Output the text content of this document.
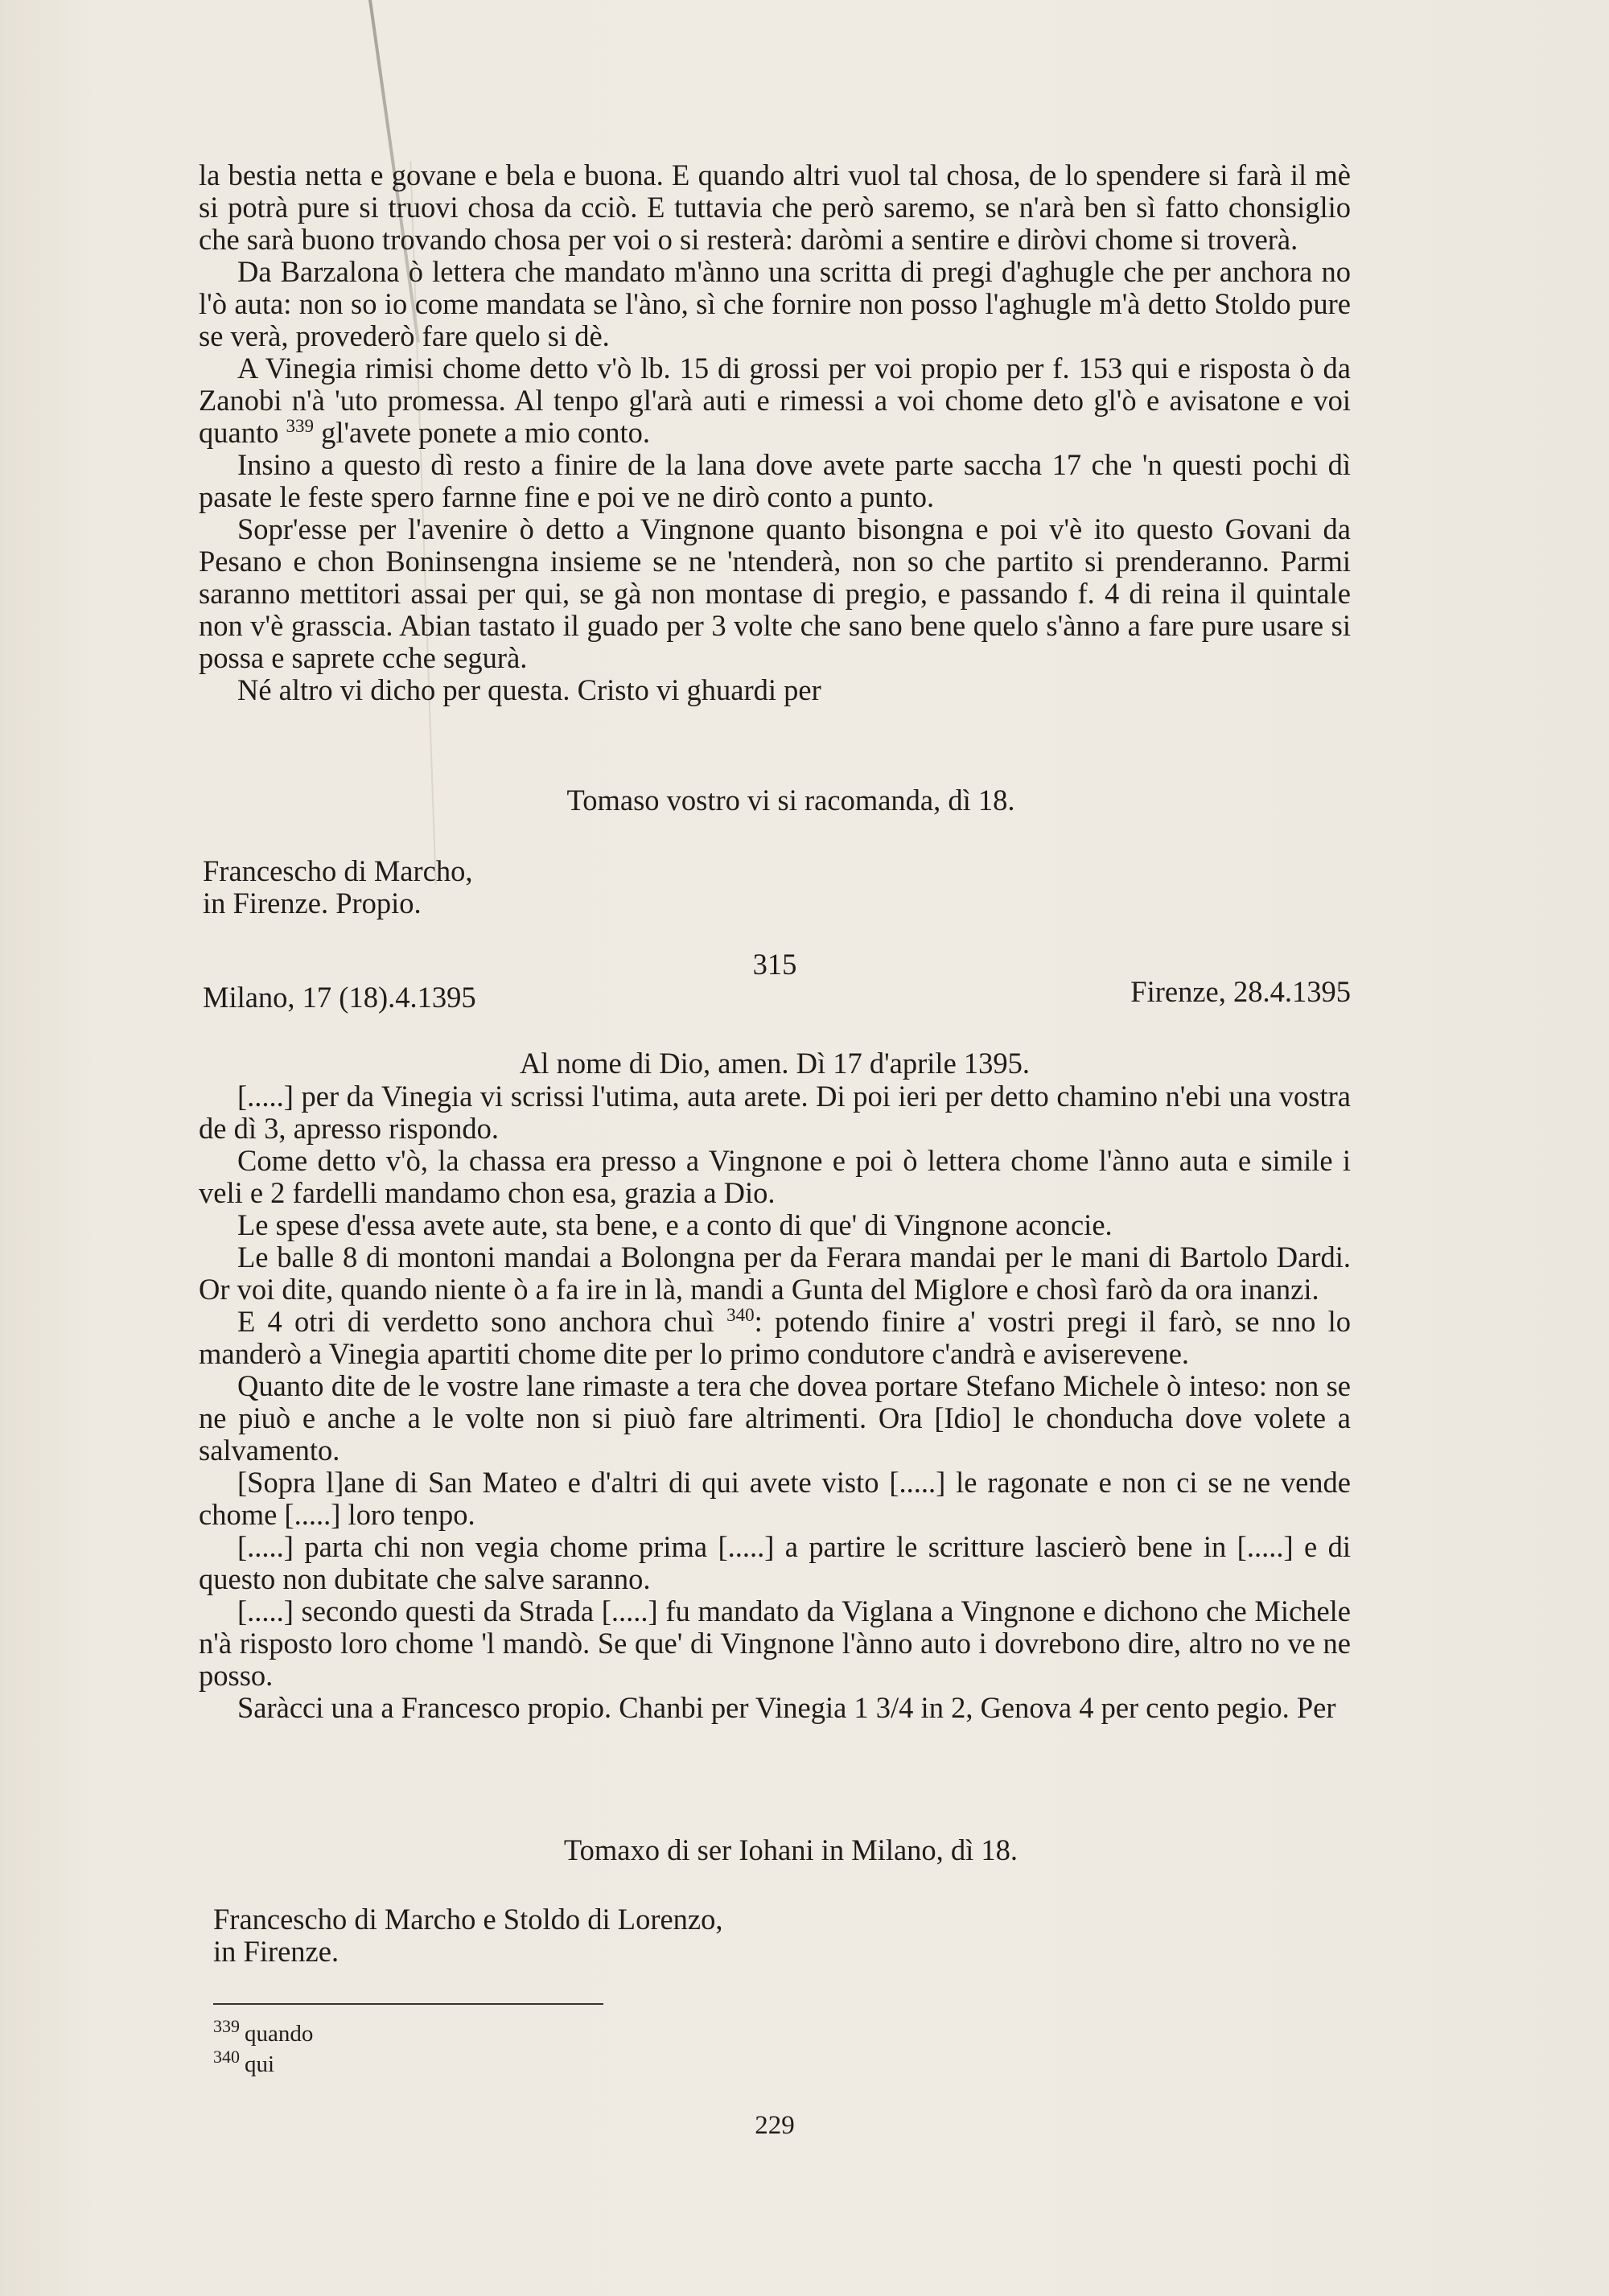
la bestia netta e govane e bela e buona. E quando altri vuol tal chosa, de lo spendere si farà il mè si potrà pure si truovi chosa da cciò. E tuttavia che però saremo, se n'arà ben sì fatto chonsiglio che sarà buono trovando chosa per voi o si resterà: daròmi a sentire e diròvi chome si troverà.

Da Barzalona ò lettera che mandato m'ànno una scritta di pregi d'aghugle che per anchora no l'ò auta: non so io come mandata se l'àno, sì che fornire non posso l'aghugle m'à detto Stoldo pure se verà, provederò fare quelo si dè.

A Vinegia rimisi chome detto v'ò lb. 15 di grossi per voi propio per f. 153 qui e risposta ò da Zanobi n'à 'uto promessa. Al tenpo gl'arà auti e rimessi a voi chome deto gl'ò e avisatone e voi quanto $^{339}$ gl'avete ponete a mio conto.

Insino a questo dì resto a finire de la lana dove avete parte saccha 17 che 'n questi pochi dì pasate le feste spero farnne fine e poi ve ne dirò conto a punto.

Sopr'esse per l'avenire ò detto a Vingnone quanto bisongna e poi v'è ito questo Govani da Pesano e chon Boninsengna insieme se ne 'ntenderà, non so che partito si prenderanno. Parmi saranno mettitori assai per qui, se gà non montase di pregio, e passando f. 4 di reina il quintale non v'è grasscia. Abian tastato il guado per 3 volte che sano bene quelo s'ànno a fare pure usare si possa e saprete cche segurà.

Né altro vi dicho per questa. Cristo vi ghuardi per

Tomaso vostro vi si racomanda, dì 18.
Francescho di Marcho,
in Firenze. Propio.
315
Milano, 17 (18).4.1395	Firenze, 28.4.1395
Al nome di Dio, amen. Dì 17 d'aprile 1395.

[.....] per da Vinegia vi scrissi l'utima, auta arete. Di poi ieri per detto chamino n'ebi una vostra de dì 3, apresso rispondo.

Come detto v'ò, la chassa era presso a Vingnone e poi ò lettera chome l'ànno auta e simile i veli e 2 fardelli mandamo chon esa, grazia a Dio.

Le spese d'essa avete aute, sta bene, e a conto di que' di Vingnone aconcie.

Le balle 8 di montoni mandai a Bolongna per da Ferara mandai per le mani di Bartolo Dardi. Or voi dite, quando niente ò a fa ire in là, mandi a Gunta del Miglore e chosì farò da ora inanzi.

E 4 otri di verdetto sono anchora chuì $^{340}$: potendo finire a' vostri pregi il farò, se nno lo manderò a Vinegia apartiti chome dite per lo primo condutore c'andrà e aviserevene.

Quanto dite de le vostre lane rimaste a tera che dovea portare Stefano Michele ò inteso: non se ne piuò e anche a le volte non si piuò fare altrimenti. Ora [Idio] le chonducha dove volete a salvamento.

[Sopra l]ane di San Mateo e d'altri di qui avete visto [.....] le ragonate e non ci se ne vende chome [.....] loro tenpo.

[.....] parta chi non vegia chome prima [.....] a partire le scritture lascierò bene in [.....] e di questo non dubitate che salve saranno.

[.....] secondo questi da Strada [.....] fu mandato da Viglana a Vingnone e dichono che Michele n'à risposto loro chome 'l mandò. Se que' di Vingnone l'ànno auto i dovrebono dire, altro no ve ne posso.

Saràcci una a Francesco propio. Chanbi per Vinegia 1 3/4 in 2, Genova 4 per cento pegio. Per

Tomaxo di ser Iohani in Milano, dì 18.
Francescho di Marcho e Stoldo di Lorenzo,
in Firenze.
$^{339}$ quando
$^{340}$ qui
229
